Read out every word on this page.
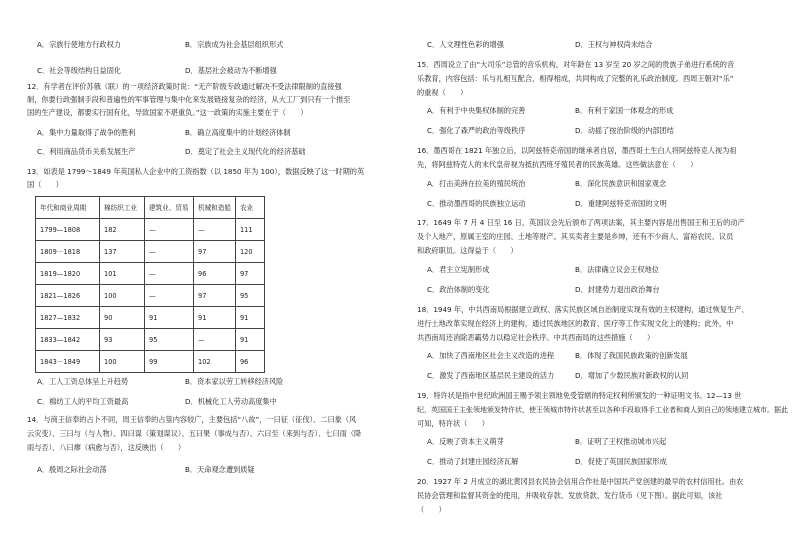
A．宗族行使地方行政权力	B．宗族成为社会基层组织形式
C．社会等级结构日益固化	D．基层社会被动为不断增强
12．有学者在评价苏俄（联）的一项经济政策时说：“无产阶级专政通过解决不受法律限制的直接强
制，你要行政强制手段和普遍性的军事管理与集中化来发展链接复杂的经济，从大工厂到只有一个推至
国的生产建设，都要实行国有化，导致国家不堪重负。”这一政策的实施主要在于（　　）
A．集中力量取得了战争的胜利	B．确立高度集中的计划经济体制
C．利用商品货币关系发展生产	D．奠定了社会主义现代化的经济基础
13．如表是 1799～1849 年英国私人企业中的工资指数（以 1850 年为 100），数据反映了这一时期的英
国（　　）
年代和商业周期	棉纺织工业	建筑业、贸易	机械和造船	农业
1799—1808	182	—	—	111
1809－1818	137	—	97	120
1819—1820	101	—	96	97
1821—1826	100	—	97	95
1827—1832	90	91	91	91
1833—1842	93	95	—	91
1843－1849	100	99	102	96
A．工人工资总体呈上升趋势	B．资本家以劳工转移经济风险
C．棉纺工人的平均工资最高	D．机械化工人劳动高度集中
14．与商王信奉的占卜不同，周王信奉的占筮内容较广，主要包括“八故”，一曰征（征伐）、二曰象（风
云灾变）、三曰与（与人物）、四曰谋（策划谋议）、五曰果（事成与否）、六曰至（来到与否）、七曰雨（降
雨与否）、八曰瘳（病愈与否），这反映出（　　）
A．殷周之际社会动荡	B．天命观念遭到质疑
C．人文理性色彩的增强	D．王权与神权尚未结合
15．西周设立了由“大司乐”总管的音乐机构，对年龄在 13 岁至 20 岁之间的贵族子弟进行系统的音
乐教育，内容包括：乐与礼相互配合，相得相成，共同构成了完整的礼乐政治制度。西周王朝对“乐”
的重视（　　）
A．有利于中央集权体制的完善	B．有利于家国一体观念的形成
C．强化了森严的政治等级秩序	D．动摇了按治阶级的内部团结
16．墨西哥在 1821 年独立后，以阿兹特克帝国的继承者自居，墨西哥土生白人将阿兹特克人视为祖
先，将阿兹特克人的末代皇帝视为抵抗西班牙殖民者的民族英雄。这些做法意在（　　）
A．打击美洲在拉美的殖民统治	B．深化民族意识和国家观念
C．推动墨西哥的民族独立运动	D．重建阿兹特克帝国的文明
17．1649 年 7 月 4 日至 16 日，英国议会先后颁布了两项法案，其主要内容是出售国王和王后的动产
及个人地产，原属王室的庄园、土地等财产。其买卖者主要是乡绅，还有不少商人、富裕农民、议员
和政府职员。这得益于（　　）
A．君主立宪制形成	B．法律确立议会王权地位
C．政治体制的变化	D．封建势力退出政治舞台
18．1949 年，中共西南局根据建立政权、落实民族区域自治制度实现有效的主权建构，通过恢复生产、
进行土地改革实现在经济上的建构，通过民族地区的教育、医疗等工作实现文化上的建构；此外，中
共西南局还消除恶霸势力以稳定社会秩序。中共西南局的这些措施（　　）
A．加快了西南地区社会主义改造的进程	B．体现了我国民族政策的创新发展
C．激发了西南地区基层民主建设的活力	D．增加了少数民族对新政权的认同
19．特许状是指中世纪欧洲国王赐予领主领地免受管辖的特定权利所颁发的一种证明文书。12—13 世
纪，英国国王主张领地颁发特许状，使王领城市特许状甚至以各种手段取得手工业者和商人到自己的领地建立城市。据此
可知，特许状（　　）
A．反映了资本主义萌芽	B．证明了王权推动城市兴起
C．推动了封建庄园经济瓦解	D．促使了英国民族国家形成
20．1927 年 2 月成立的湖北黄冈县农民协会信用合作社是中国共产党创建的最早的农村信用社。由农
民协会管理和监督其资金的使用，并吸收存款、发放贷款、发行货币（见下图）。据此可知，该社
（　　）
